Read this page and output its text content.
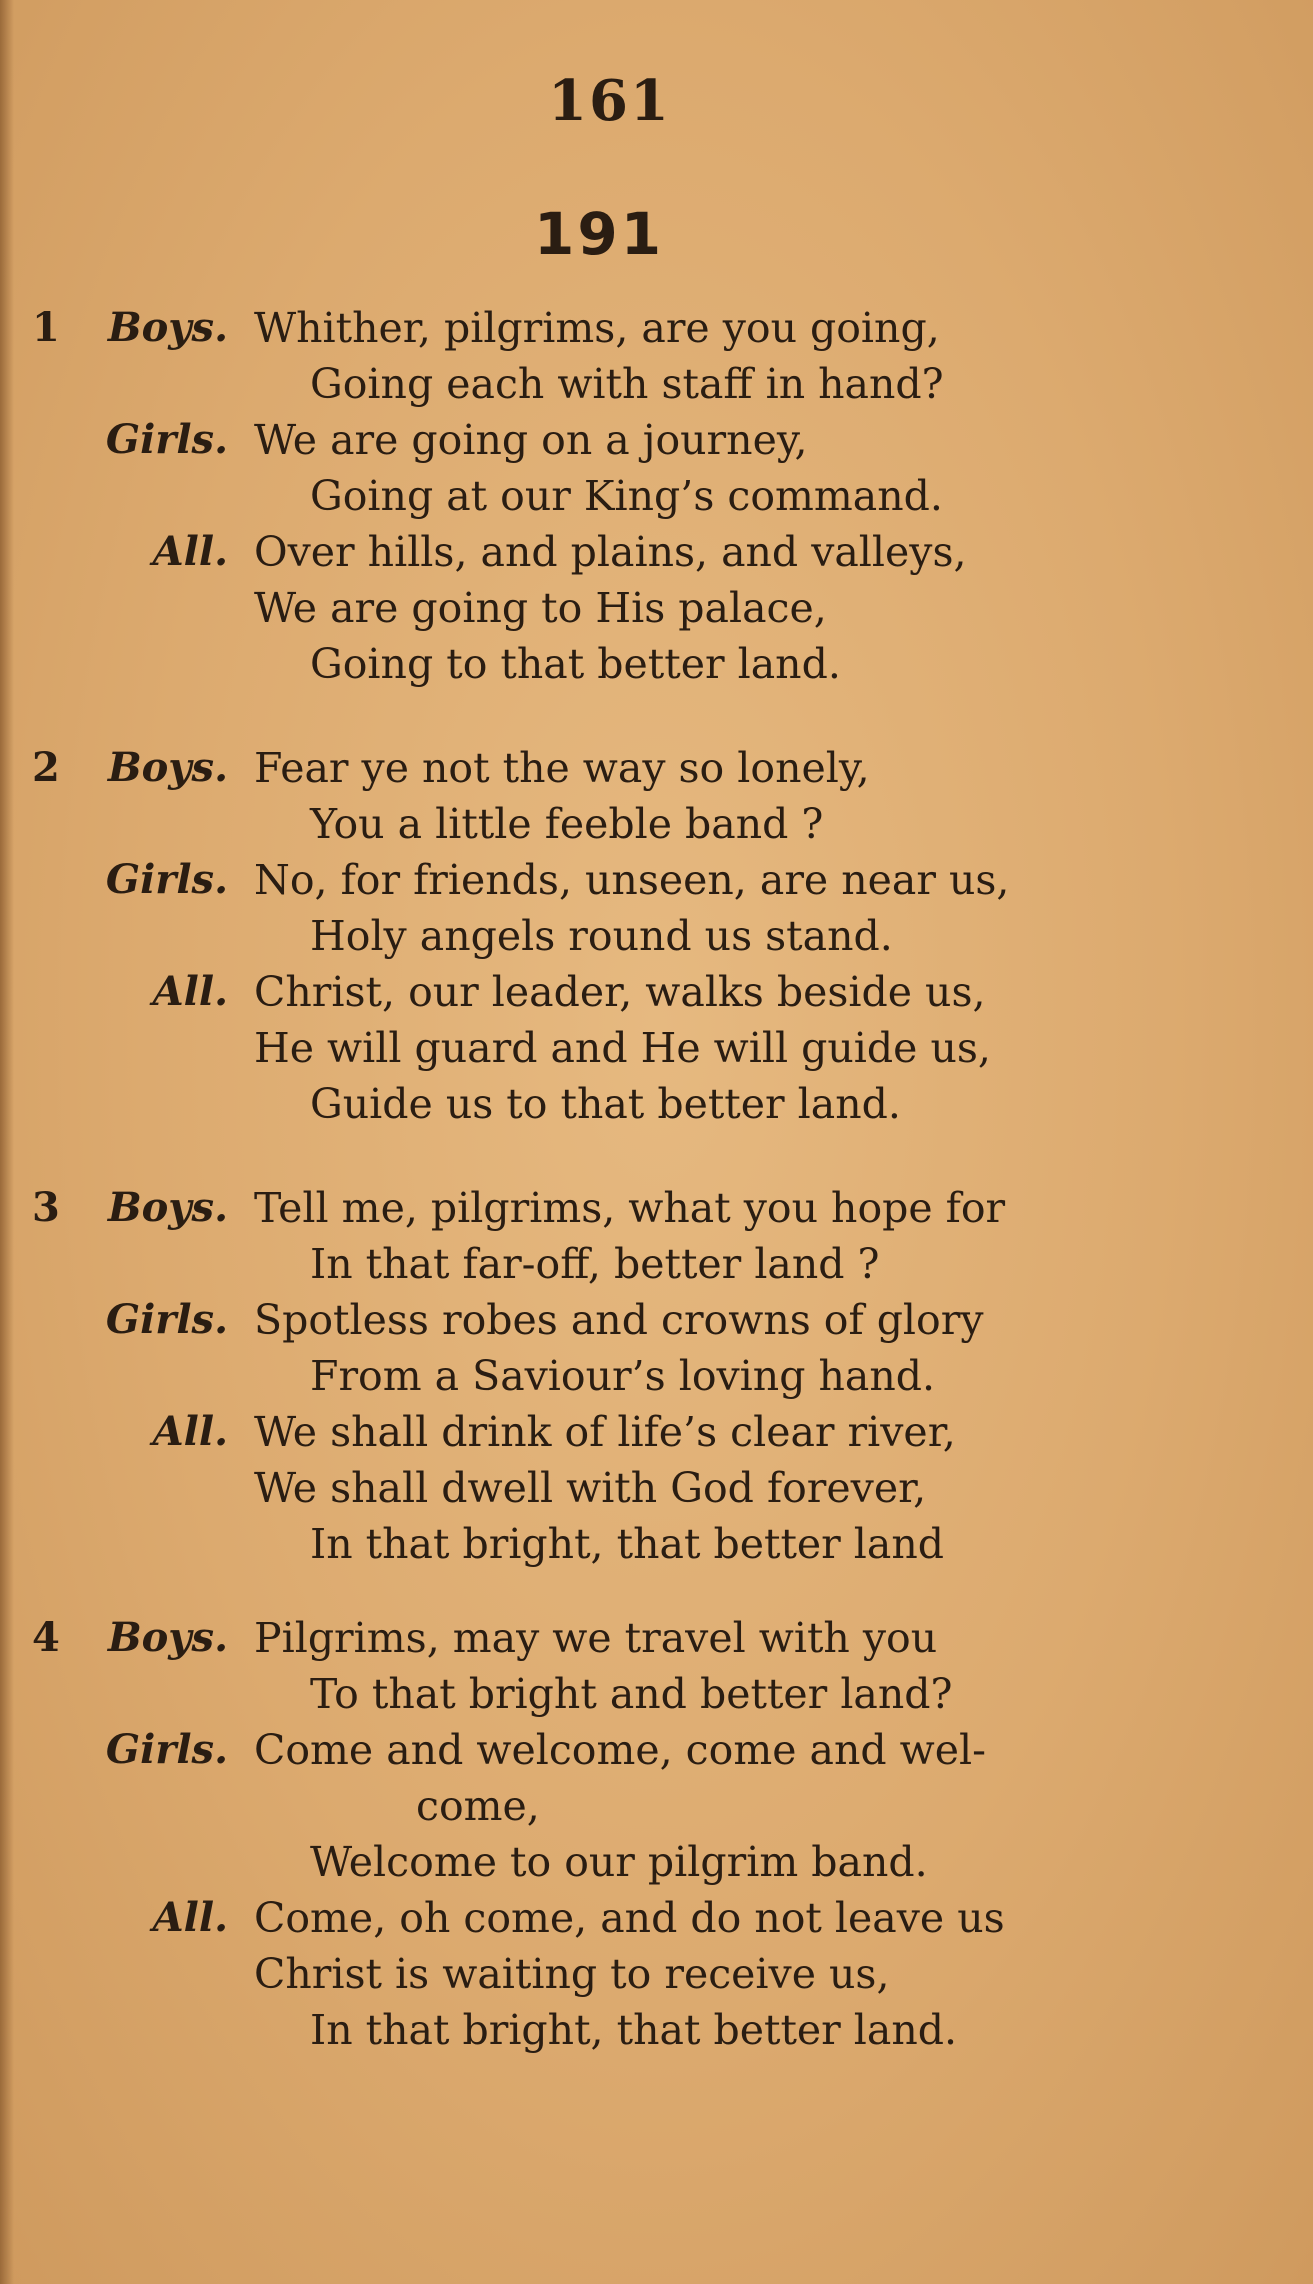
161
191
1	Boys. Whither, pilgrims, are you going,
Going each with staff in hand?
Girls. We are going on a journey,
Going at our King’s command.
All. Over hills, and plains, and valleys,
We are going to His palace,
Going to that better land.
2	Boys. Fear ye not the way so lonely,
You a little feeble band ?
Girls. No, for friends, unseen, are near us,
Holy angels round us stand.
All. Christ, our leader, walks beside us,
He will guard and He will guide us,
Guide us to that better land.
3	Boys. Tell me, pilgrims, what you hope for
In that far-off, better land ?
Girls. Spotless robes and crowns of glory
From a Saviour’s loving hand.
All. We shall drink of life’s clear river,
We shall dwell with God forever,
In that bright, that better land
4	Boys. Pilgrims, may we travel with you
To that bright and better land?
Girls. Come and welcome, come and wel-
come,
Welcome to our pilgrim band.
All. Come, oh come, and do not leave us
Christ is waiting to receive us,
In that bright, that better land.
